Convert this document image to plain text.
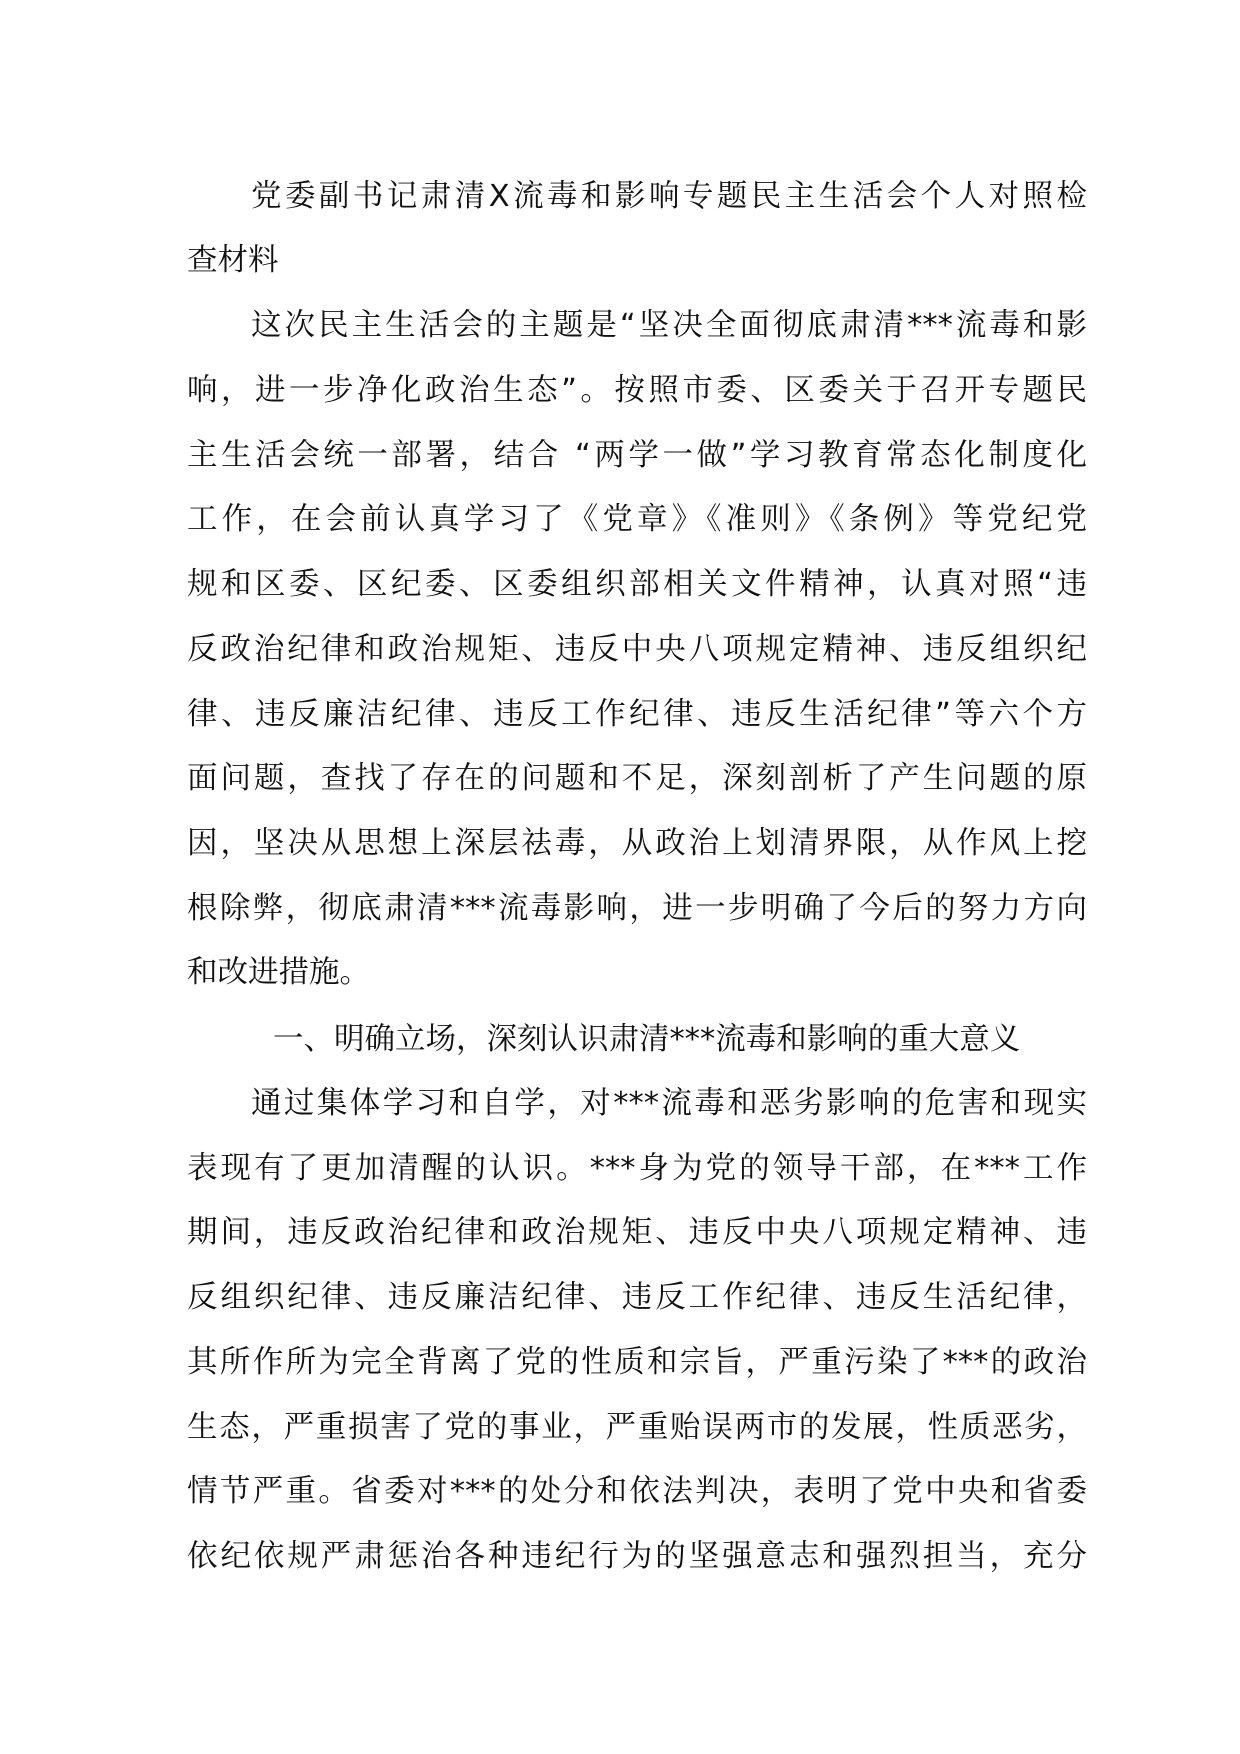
党委副书记肃清X流毒和影响专题民主生活会个人对照检
查材料
这次民主生活会的主题是“坚决全面彻底肃清***流毒和影
响，进一步净化政治生态”。按照市委、区委关于召开专题民
主生活会统一部署，结合 “两学一做”学习教育常态化制度化
工作，在会前认真学习了《党章》《准则》《条例》等党纪党
规和区委、区纪委、区委组织部相关文件精神，认真对照“违
反政治纪律和政治规矩、违反中央八项规定精神、违反组织纪
律、违反廉洁纪律、违反工作纪律、违反生活纪律”等六个方
面问题，查找了存在的问题和不足，深刻剖析了产生问题的原
因，坚决从思想上深层祛毒，从政治上划清界限，从作风上挖
根除弊，彻底肃清***流毒影响，进一步明确了今后的努力方向
和改进措施。
一、明确立场，深刻认识肃清***流毒和影响的重大意义
通过集体学习和自学，对***流毒和恶劣影响的危害和现实
表现有了更加清醒的认识。***身为党的领导干部，在***工作
期间，违反政治纪律和政治规矩、违反中央八项规定精神、违
反组织纪律、违反廉洁纪律、违反工作纪律、违反生活纪律，
其所作所为完全背离了党的性质和宗旨，严重污染了***的政治
生态，严重损害了党的事业，严重贻误两市的发展，性质恶劣，
情节严重。省委对***的处分和依法判决，表明了党中央和省委
依纪依规严肃惩治各种违纪行为的坚强意志和强烈担当，充分
